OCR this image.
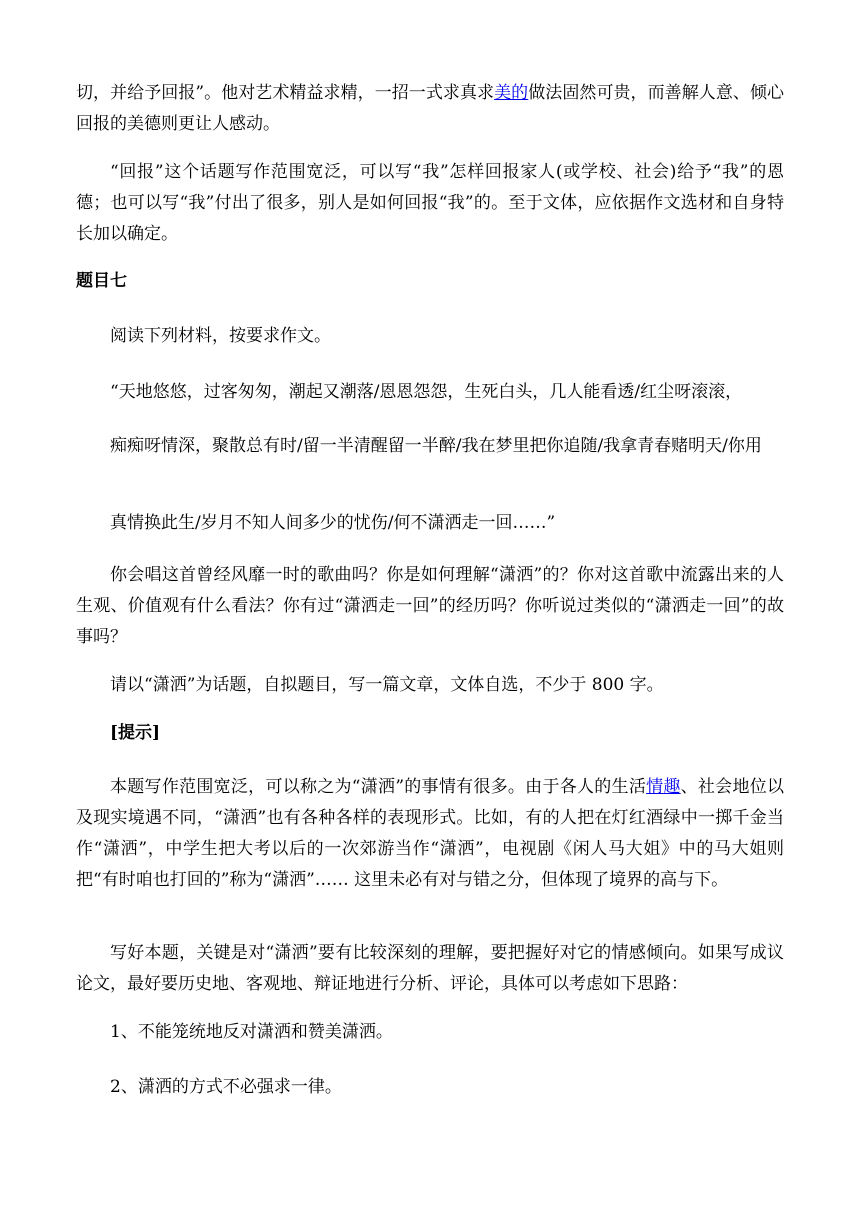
切，并给予回报”。他对艺术精益求精，一招一式求真求美的做法固然可贵，而善解人意、倾心回报的美德则更让人感动。

“回报”这个话题写作范围宽泛，可以写“我”怎样回报家人(或学校、社会)给予“我”的恩德；也可以写“我”付出了很多，别人是如何回报“我”的。至于文体，应依据作文选材和自身特长加以确定。

题目七

阅读下列材料，按要求作文。

“天地悠悠，过客匆匆，潮起又潮落/恩恩怨怨，生死白头，几人能看透/红尘呀滚滚，

痴痴呀情深，聚散总有时/留一半清醒留一半醉/我在梦里把你追随/我拿青春赌明天/你用

真情换此生/岁月不知人间多少的忧伤/何不潇洒走一回……”

你会唱这首曾经风靡一时的歌曲吗？你是如何理解“潇洒”的？你对这首歌中流露出来的人生观、价值观有什么看法？你有过“潇洒走一回”的经历吗？你听说过类似的“潇洒走一回”的故事吗？

请以“潇洒”为话题，自拟题目，写一篇文章，文体自选，不少于 800 字。

[提示]

本题写作范围宽泛，可以称之为“潇洒”的事情有很多。由于各人的生活情趣、社会地位以及现实境遇不同，“潇洒”也有各种各样的表现形式。比如，有的人把在灯红酒绿中一掷千金当作“潇洒”，中学生把大考以后的一次郊游当作“潇洒”，电视剧《闲人马大姐》中的马大姐则把“有时咱也打回的”称为“潇洒”…… 这里未必有对与错之分，但体现了境界的高与下。

写好本题，关键是对“潇洒”要有比较深刻的理解，要把握好对它的情感倾向。如果写成议论文，最好要历史地、客观地、辩证地进行分析、评论，具体可以考虑如下思路：

1、不能笼统地反对潇洒和赞美潇洒。

2、潇洒的方式不必强求一律。
